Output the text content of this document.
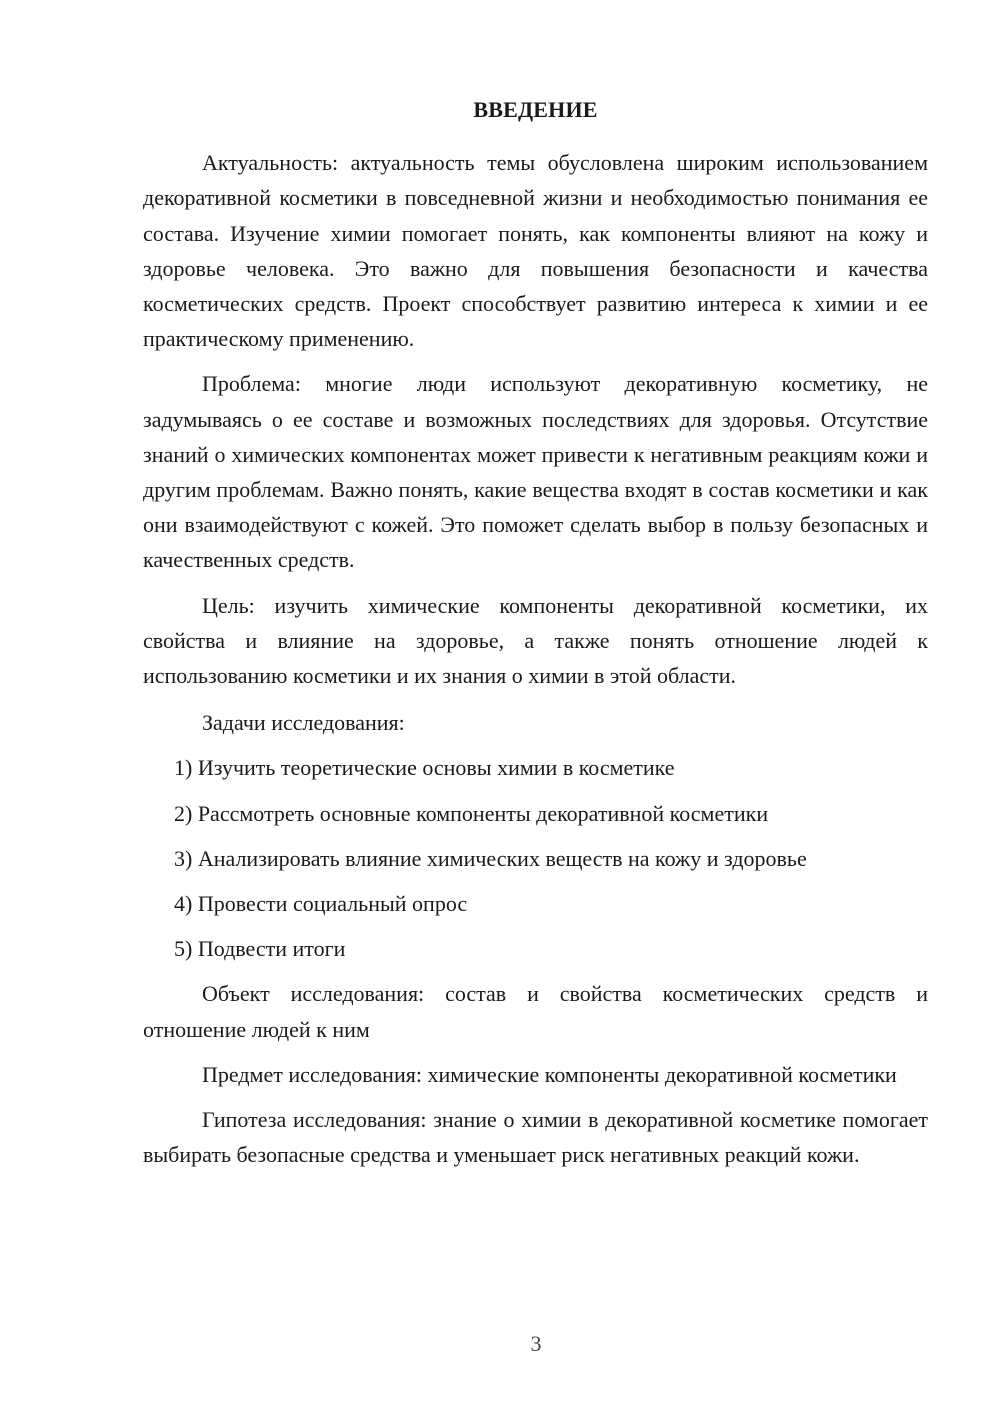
ВВЕДЕНИЕ

Актуальность: актуальность темы обусловлена широким использованием декоративной косметики в повседневной жизни и необходимостью понимания ее состава. Изучение химии помогает понять, как компоненты влияют на кожу и здоровье человека. Это важно для повышения безопасности и качества косметических средств. Проект способствует развитию интереса к химии и ее практическому применению.

Проблема: многие люди используют декоративную косметику, не задумываясь о ее составе и возможных последствиях для здоровья. Отсутствие знаний о химических компонентах может привести к негативным реакциям кожи и другим проблемам. Важно понять, какие вещества входят в состав косметики и как они взаимодействуют с кожей. Это поможет сделать выбор в пользу безопасных и качественных средств.

Цель: изучить химические компоненты декоративной косметики, их свойства и влияние на здоровье, а также понять отношение людей к использованию косметики и их знания о химии в этой области.

Задачи исследования:

1) Изучить теоретические основы химии в косметике

2) Рассмотреть основные компоненты декоративной косметики

3) Анализировать влияние химических веществ на кожу и здоровье

4) Провести социальный опрос

5) Подвести итоги

Объект исследования: состав и свойства косметических средств и отношение людей к ним

Предмет исследования: химические компоненты декоративной косметики

Гипотеза исследования: знание о химии в декоративной косметике помогает выбирать безопасные средства и уменьшает риск негативных реакций кожи.

3
